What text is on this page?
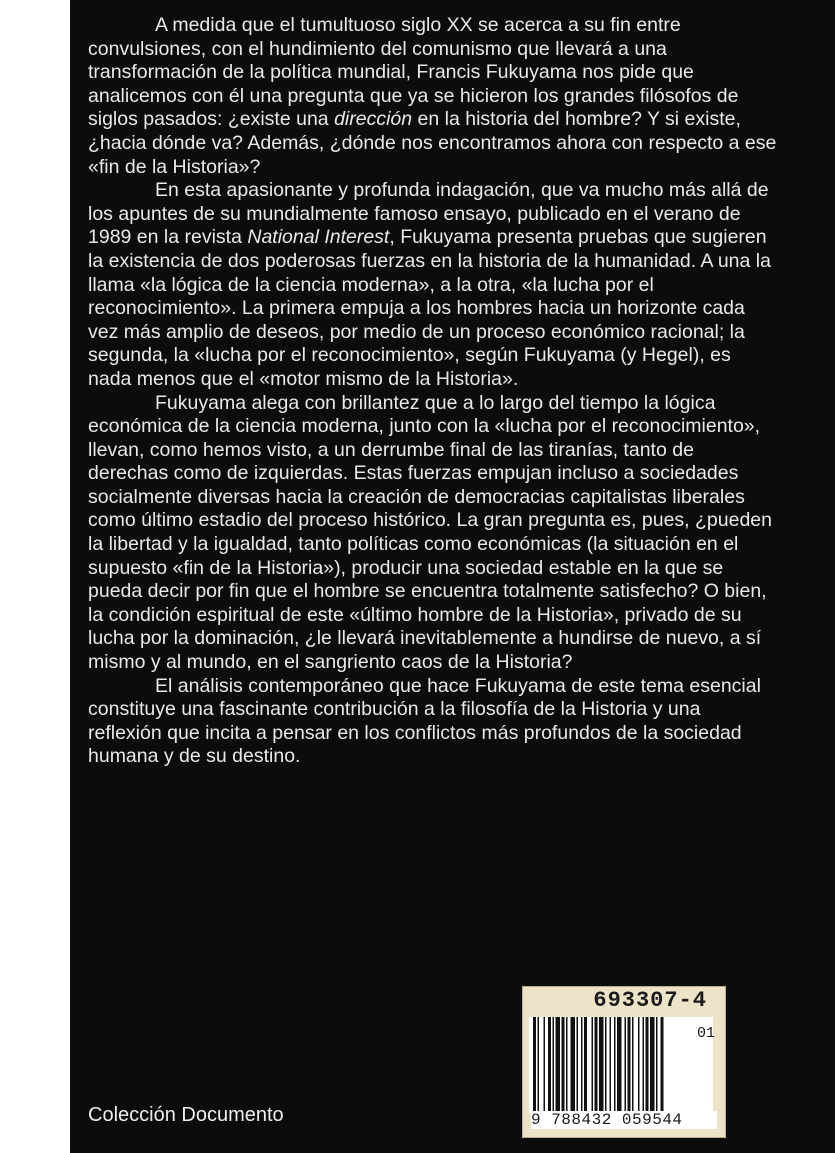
A medida que el tumultuoso siglo XX se acerca a su fin entre convulsiones, con el hundimiento del comunismo que llevará a una transformación de la política mundial, Francis Fukuyama nos pide que analicemos con él una pregunta que ya se hicieron los grandes filósofos de siglos pasados: ¿existe una dirección en la historia del hombre? Y si existe, ¿hacia dónde va? Además, ¿dónde nos encontramos ahora con respecto a ese «fin de la Historia»?

En esta apasionante y profunda indagación, que va mucho más allá de los apuntes de su mundialmente famoso ensayo, publicado en el verano de 1989 en la revista National Interest, Fukuyama presenta pruebas que sugieren la existencia de dos poderosas fuerzas en la historia de la humanidad. A una la llama «la lógica de la ciencia moderna», a la otra, «la lucha por el reconocimiento». La primera empuja a los hombres hacia un horizonte cada vez más amplio de deseos, por medio de un proceso económico racional; la segunda, la «lucha por el reconocimiento», según Fukuyama (y Hegel), es nada menos que el «motor mismo de la Historia».

Fukuyama alega con brillantez que a lo largo del tiempo la lógica económica de la ciencia moderna, junto con la «lucha por el reconocimiento», llevan, como hemos visto, a un derrumbe final de las tiranías, tanto de derechas como de izquierdas. Estas fuerzas empujan incluso a sociedades socialmente diversas hacia la creación de democracias capitalistas liberales como último estadio del proceso histórico. La gran pregunta es, pues, ¿pueden la libertad y la igualdad, tanto políticas como económicas (la situación en el supuesto «fin de la Historia»), producir una sociedad estable en la que se pueda decir por fin que el hombre se encuentra totalmente satisfecho? O bien, la condición espiritual de este «último hombre de la Historia», privado de su lucha por la dominación, ¿le llevará inevitablemente a hundirse de nuevo, a sí mismo y al mundo, en el sangriento caos de la Historia?

El análisis contemporáneo que hace Fukuyama de este tema esencial constituye una fascinante contribución a la filosofía de la Historia y una reflexión que incita a pensar en los conflictos más profundos de la sociedad humana y de su destino.

Colección Documento
693307-4
01
9 788432 059544
